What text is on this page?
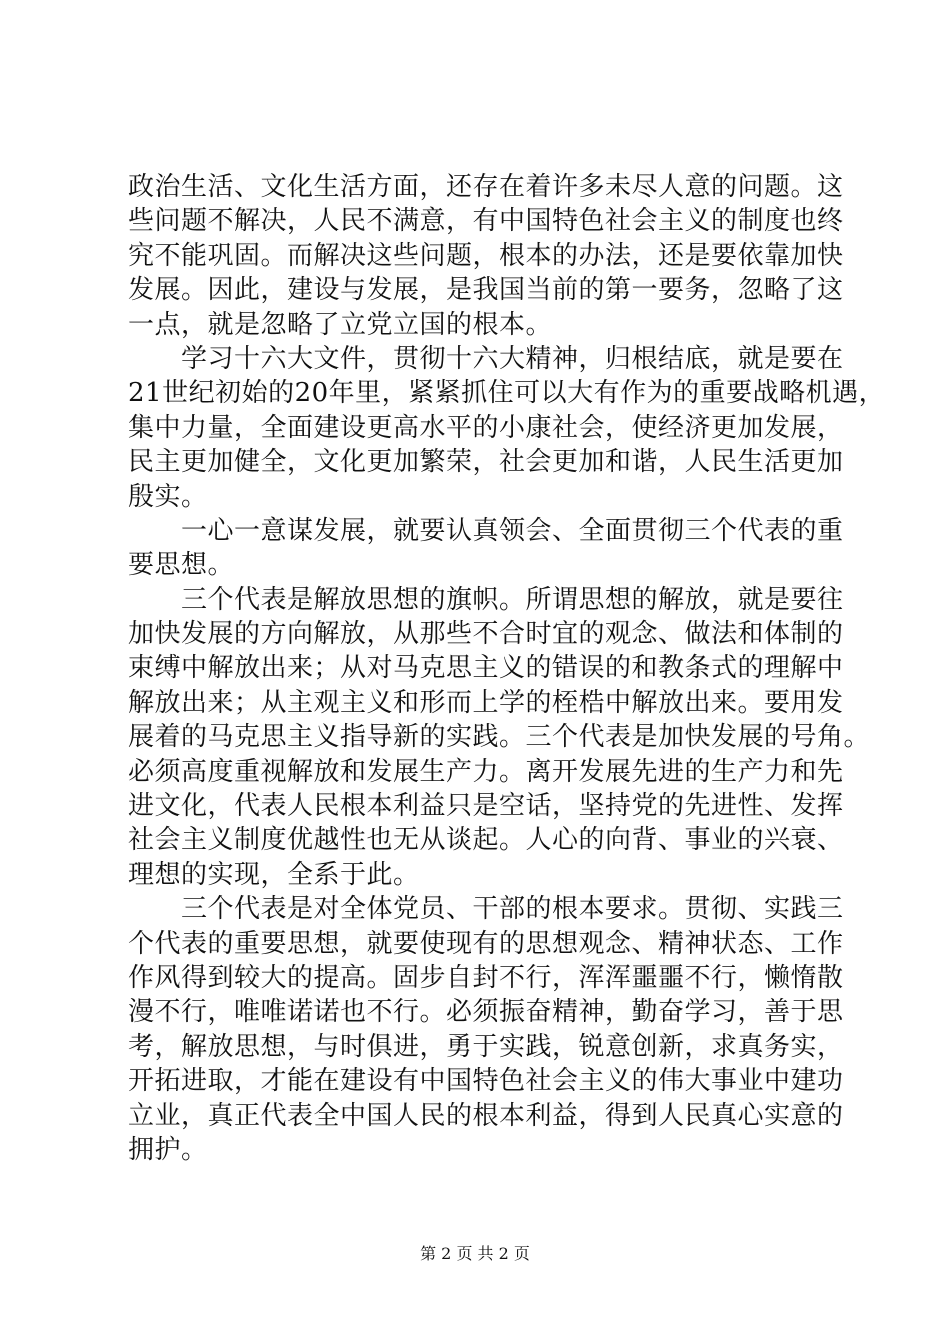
政治生活、文化生活方面，还存在着许多未尽人意的问题。这
些问题不解决，人民不满意，有中国特色社会主义的制度也终
究不能巩固。而解决这些问题，根本的办法，还是要依靠加快
发展。因此，建设与发展，是我国当前的第一要务，忽略了这
一点，就是忽略了立党立国的根本。
　　学习十六大文件，贯彻十六大精神，归根结底，就是要在
21世纪初始的20年里，紧紧抓住可以大有作为的重要战略机遇，
集中力量，全面建设更高水平的小康社会，使经济更加发展，
民主更加健全，文化更加繁荣，社会更加和谐，人民生活更加
殷实。
　　一心一意谋发展，就要认真领会、全面贯彻三个代表的重
要思想。
　　三个代表是解放思想的旗帜。所谓思想的解放，就是要往
加快发展的方向解放，从那些不合时宜的观念、做法和体制的
束缚中解放出来；从对马克思主义的错误的和教条式的理解中
解放出来；从主观主义和形而上学的桎梏中解放出来。要用发
展着的马克思主义指导新的实践。三个代表是加快发展的号角。
必须高度重视解放和发展生产力。离开发展先进的生产力和先
进文化，代表人民根本利益只是空话，坚持党的先进性、发挥
社会主义制度优越性也无从谈起。人心的向背、事业的兴衰、
理想的实现，全系于此。
　　三个代表是对全体党员、干部的根本要求。贯彻、实践三
个代表的重要思想，就要使现有的思想观念、精神状态、工作
作风得到较大的提高。固步自封不行，浑浑噩噩不行，懒惰散
漫不行，唯唯诺诺也不行。必须振奋精神，勤奋学习，善于思
考，解放思想，与时俱进，勇于实践，锐意创新，求真务实，
开拓进取，才能在建设有中国特色社会主义的伟大事业中建功
立业，真正代表全中国人民的根本利益，得到人民真心实意的
拥护。
第 2 页 共 2 页
